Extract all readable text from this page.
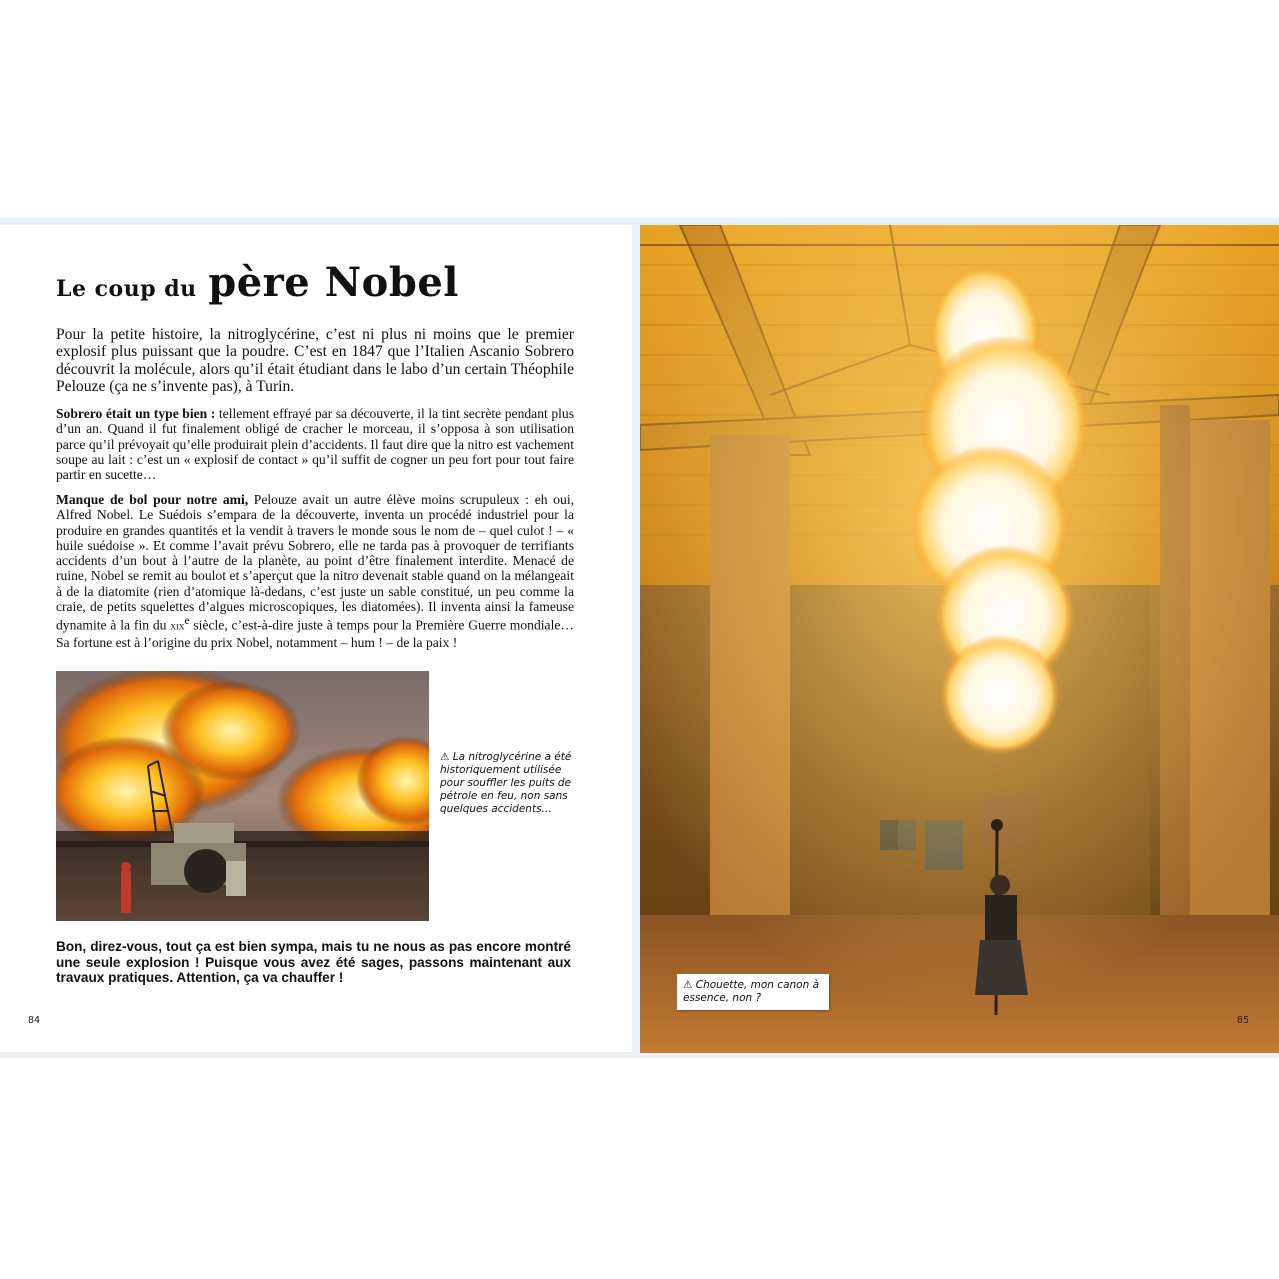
Le coup du père Nobel

Pour la petite histoire, la nitroglycérine, c’est ni plus ni moins que le premier explosif plus puissant que la poudre. C’est en 1847 que l’Italien Ascanio Sobrero découvrit la molécule, alors qu’il était étudiant dans le labo d’un certain Théophile Pelouze (ça ne s’invente pas), à Turin.

Sobrero était un type bien : tellement effrayé par sa découverte, il la tint secrète pendant plus d’un an. Quand il fut finalement obligé de cracher le morceau, il s’opposa à son utilisation parce qu’il prévoyait qu’elle produirait plein d’accidents. Il faut dire que la nitro est vachement soupe au lait : c’est un « explosif de contact » qu’il suffit de cogner un peu fort pour tout faire partir en sucette…

Manque de bol pour notre ami, Pelouze avait un autre élève moins scrupuleux : eh oui, Alfred Nobel. Le Suédois s’empara de la découverte, inventa un procédé industriel pour la produire en grandes quantités et la vendit à travers le monde sous le nom de – quel culot ! – « huile suédoise ». Et comme l’avait prévu Sobrero, elle ne tarda pas à provoquer de terrifiants accidents d’un bout à l’autre de la planète, au point d’être finalement interdite. Menacé de ruine, Nobel se remit au boulot et s’aperçut que la nitro devenait stable quand on la mélangeait à de la diatomite (rien d’atomique là-dedans, c’est juste un sable constitué, un peu comme la craie, de petits squelettes d’algues microscopiques, les diatomées). Il inventa ainsi la fameuse dynamite à la fin du xix$^e$ siècle, c’est-à-dire juste à temps pour la Première Guerre mondiale… Sa fortune est à l’origine du prix Nobel, notamment – hum ! – de la paix !

⚠ La nitroglycérine a été historiquement utilisée pour souffler les puits de pétrole en feu, non sans quelques accidents…

Bon, direz-vous, tout ça est bien sympa, mais tu ne nous as pas encore montré une seule explosion ! Puisque vous avez été sages, passons maintenant aux travaux pratiques. Attention, ça va chauffer !

84
⚠ Chouette, mon canon à essence, non ?
85
